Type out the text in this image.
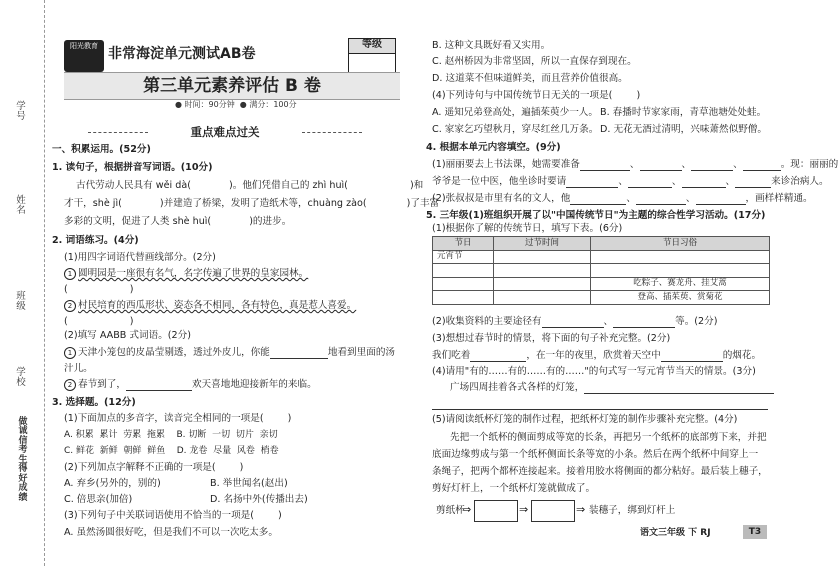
学号
姓名
班级
学校
做诚信考生 得好成绩
阳光教育 非常海淀单元测试AB卷
等级
第三单元素养评估 B 卷
● 时间：90分钟  ● 满分：100分
重点难点过关
一、积累运用。(52分)
1. 读句子，根据拼音写词语。(10分)
古代劳动人民具有 wěi dà(	)。他们凭借自己的 zhì huì(	)和
才干，shè jì(	)并建造了桥梁，发明了造纸术等，chuàng zào(	)了丰富
多彩的文明，促进了人类 shè huì(	)的进步。
2. 词语练习。(4分)
(1)用四字词语代替画线部分。(2分)
1 圆明园是一座很有名气，名字传遍了世界的皇家园林。
(	)
2 村民培育的西瓜形状、姿态各不相同，各有特色，真是惹人喜爱。
(	)
(2)填写 AABB 式词语。(2分)
1 天津小笼包的皮晶莹剔透，透过外皮儿，你能	地看到里面的汤
汁儿。
2 春节到了，	欢天喜地地迎接新年的来临。
3. 选择题。(12分)
(1)下面加点的多音字，读音完全相同的一项是(	)
A. 积累 累计 劳累 拖累 B. 切断 一切 切片 亲切
C. 鲜花 新鲜 朝鲜 鲜鱼 D. 龙卷 尽量 风卷 梢卷
(2)下列加点字解释不正确的一项是(	)
A. 弃乡(另外的，别的)	B. 举世闻名(赵出)
C. 倍思亲(加倍)	D. 名扬中外(传播出去)
(3)下列句子中关联词语使用不恰当的一项是(	)
A. 虽然汤圆很好吃，但是我们不可以一次吃太多。
B. 这种文具既好看又实用。
C. 赵州桥因为非常坚固，所以一直保存到现在。
D. 这道菜不但味道鲜美，而且营养价值很高。
(4)下列诗句与中国传统节日无关的一项是(	)
A. 遥知兄弟登高处，遍插茱萸少一人。 B. 春播时节家家雨，青草池塘处处蛙。
C. 家家乞巧望秋月，穿尽红丝几万条。 D. 无花无酒过清明，兴味萧然似野僧。
4. 根据本单元内容填空。(9分)
(1)丽丽要去上书法课，她需要准备	、	、	、	。现：丽丽的
爷爷是一位中医，他坐诊时要请	、	、	、	来诊治病人。
(2)张叔叔是市里有名的文人，他	、	、	，画样样精通。
5. 三年级(1)班组织开展了以"中国传统节日"为主题的综合性学习活动。(17分)
(1)根据你了解的传统节日，填写下表。(6分)
节日	过节时间	节日习俗
元宵节		

		吃粽子、赛龙舟、挂艾蒿
		登高、插茱萸、赏菊花
(2)收集资料的主要途径有	、	等。(2分)
(3)想想过春节时的情景，将下面的句子补充完整。(2分)
我们吃着	，在一年的夜里，欣赏着天空中	的烟花。
(4)请用"有的……有的……有的……"的句式写一写元宵节当天的情景。(3分)
广场四周挂着各式各样的灯笼，
(5)请阅读纸杯灯笼的制作过程，把纸杯灯笼的制作步骤补充完整。(4分)
先把一个纸杯的侧面剪成等宽的长条，再把另一个纸杯的底部剪下来，并把
底面边缘剪成与第一个纸杯侧面长条等宽的小条。然后在两个纸杯中间穿上一
条绳子，把两个都杯连接起来。接着用胶水将侧面的都分粘好。最后装上穗子，
剪好灯杆上，一个纸杯灯笼就做成了。
剪纸杯
⇒	⇒	⇒ 装穗子，绑到灯杆上
语文三年级 下 RJ	T3
